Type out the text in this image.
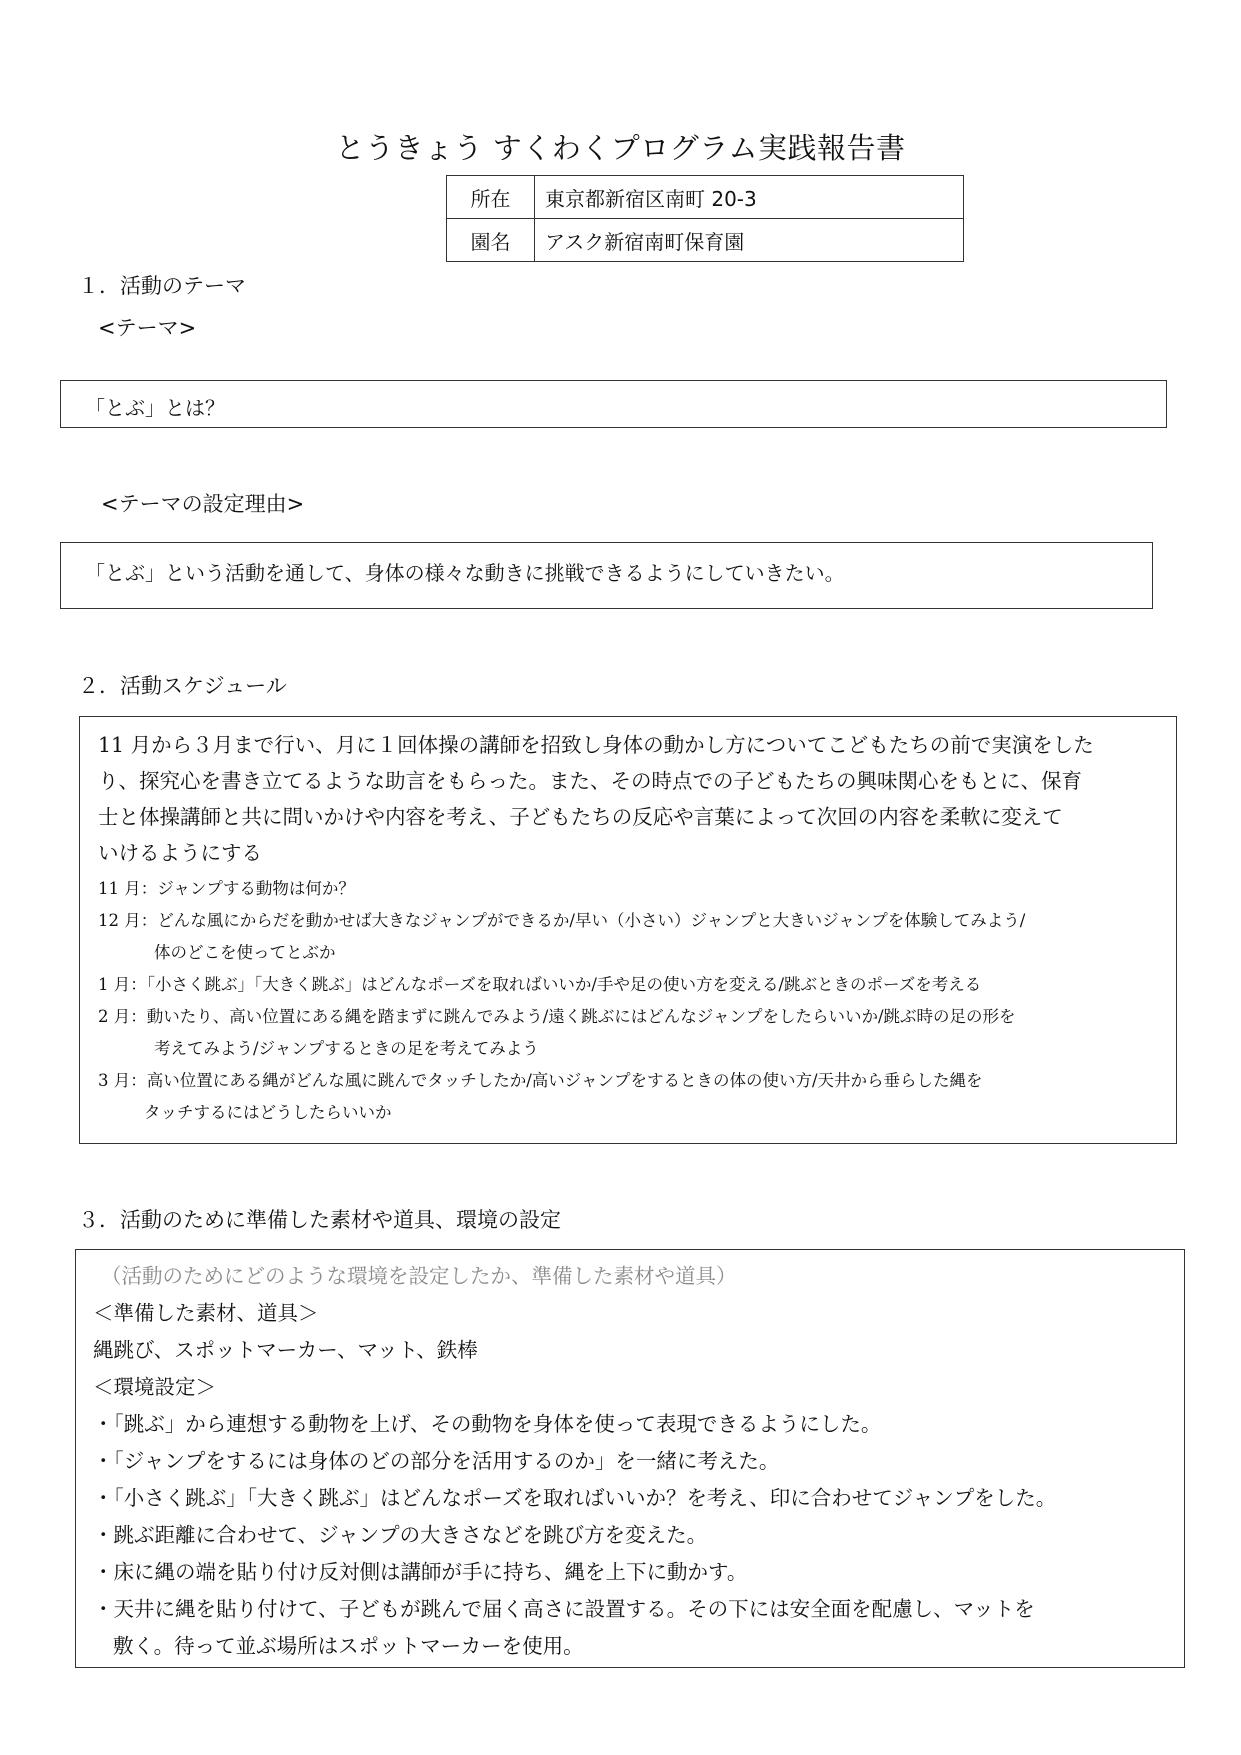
とうきょう すくわくプログラム実践報告書
所在	東京都新宿区南町 20-3
園名	アスク新宿南町保育園
１．活動のテーマ
<テーマ>
「とぶ」とは？
<テーマの設定理由>
「とぶ」という活動を通して、身体の様々な動きに挑戦できるようにしていきたい。
２．活動スケジュール
11 月から３月まで行い、月に１回体操の講師を招致し身体の動かし方についてこどもたちの前で実演をした
り、探究心を書き立てるような助言をもらった。また、その時点での子どもたちの興味関心をもとに、保育
士と体操講師と共に問いかけや内容を考え、子どもたちの反応や言葉によって次回の内容を柔軟に変えて
いけるようにする
11 月：ジャンプする動物は何か？
12 月：どんな風にからだを動かせば大きなジャンプができるか/早い（小さい）ジャンプと大きいジャンプを体験してみよう/
体のどこを使ってとぶか
1 月：「小さく跳ぶ」「大きく跳ぶ」はどんなポーズを取ればいいか/手や足の使い方を変える/跳ぶときのポーズを考える
2 月：動いたり、高い位置にある縄を踏まずに跳んでみよう/遠く跳ぶにはどんなジャンプをしたらいいか/跳ぶ時の足の形を
考えてみよう/ジャンプするときの足を考えてみよう
3 月：高い位置にある縄がどんな風に跳んでタッチしたか/高いジャンプをするときの体の使い方/天井から垂らした縄を
タッチするにはどうしたらいいか
３．活動のために準備した素材や道具、環境の設定
（活動のためにどのような環境を設定したか、準備した素材や道具）
＜準備した素材、道具＞
縄跳び、スポットマーカー、マット、鉄棒
＜環境設定＞
・「跳ぶ」から連想する動物を上げ、その動物を身体を使って表現できるようにした。
・「ジャンプをするには身体のどの部分を活用するのか」を一緒に考えた。
・「小さく跳ぶ」「大きく跳ぶ」はどんなポーズを取ればいいか？を考え、印に合わせてジャンプをした。
・跳ぶ距離に合わせて、ジャンプの大きさなどを跳び方を変えた。
・床に縄の端を貼り付け反対側は講師が手に持ち、縄を上下に動かす。
・天井に縄を貼り付けて、子どもが跳んで届く高さに設置する。その下には安全面を配慮し、マットを
敷く。待って並ぶ場所はスポットマーカーを使用。
